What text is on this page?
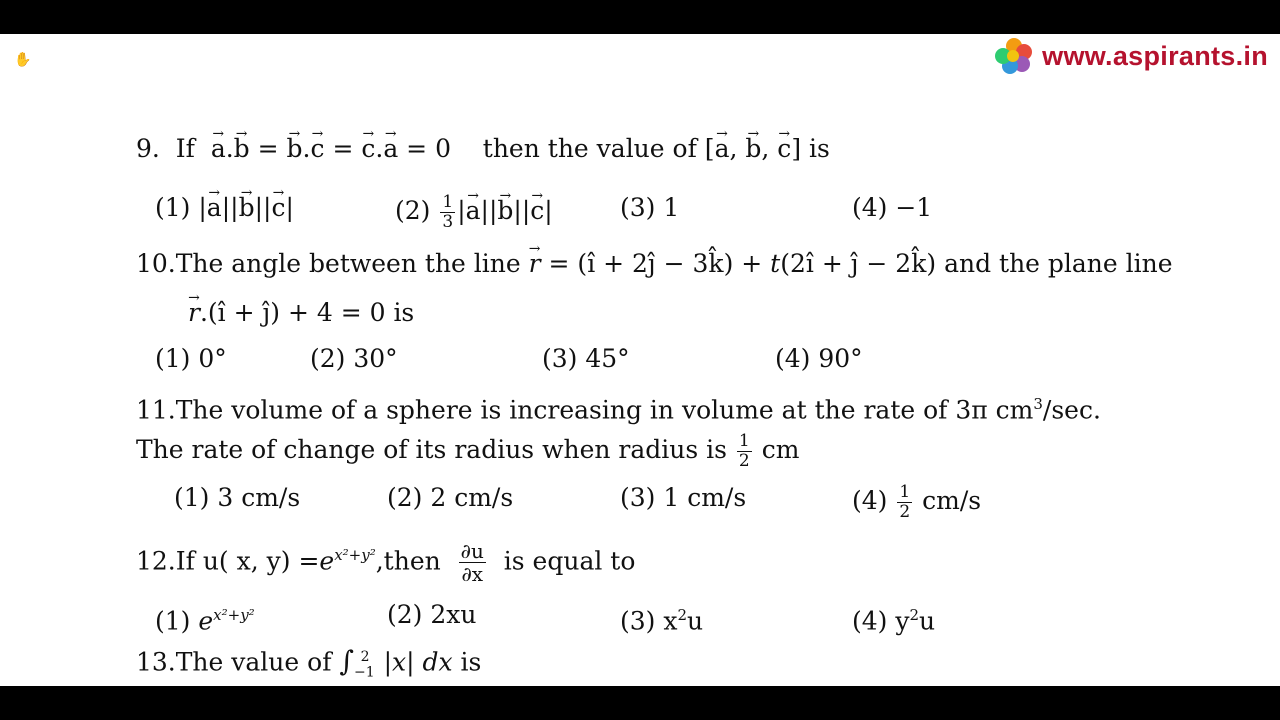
✋	www.aspirants.in
9. If → a.→ b = → b.→ c = → c.→ a = 0    then the value of [→ a, → b, → c] is
(1) |→ a||→ b||→ c|	$(2) \frac{1}{3}$ |→ a||→ b||→ c|	(3) 1	(4) −1
10.The angle between the line → r = (î + 2ĵ − 3k̂) + t(2î + ĵ − 2k̂) and the plane line
→ r.(î + ĵ) + 4 = 0 is
(1) 0°	(2) 30°	(3) 45°	(4) 90°
11.The volume of a sphere is increasing in volume at the rate of 3π $cm^3/\sec$.
The rate of change of its radius when radius is $\frac{1}{2}$ cm
(1) 3 cm/s	(2) 2 cm/s	(3) 1 cm/s	$(4) \frac{1}{2} cm/s$
12.If u( x, $y) =e^{x^2+y^2},then \frac{\partial u}{\partial x}$ is equal to
(1) $e^{x^2+y^2}$	(2) 2xu	(3) $x^2u$	(4) $y^2u$
13.The value of $\int_{-1}^2$ |x| dx is
